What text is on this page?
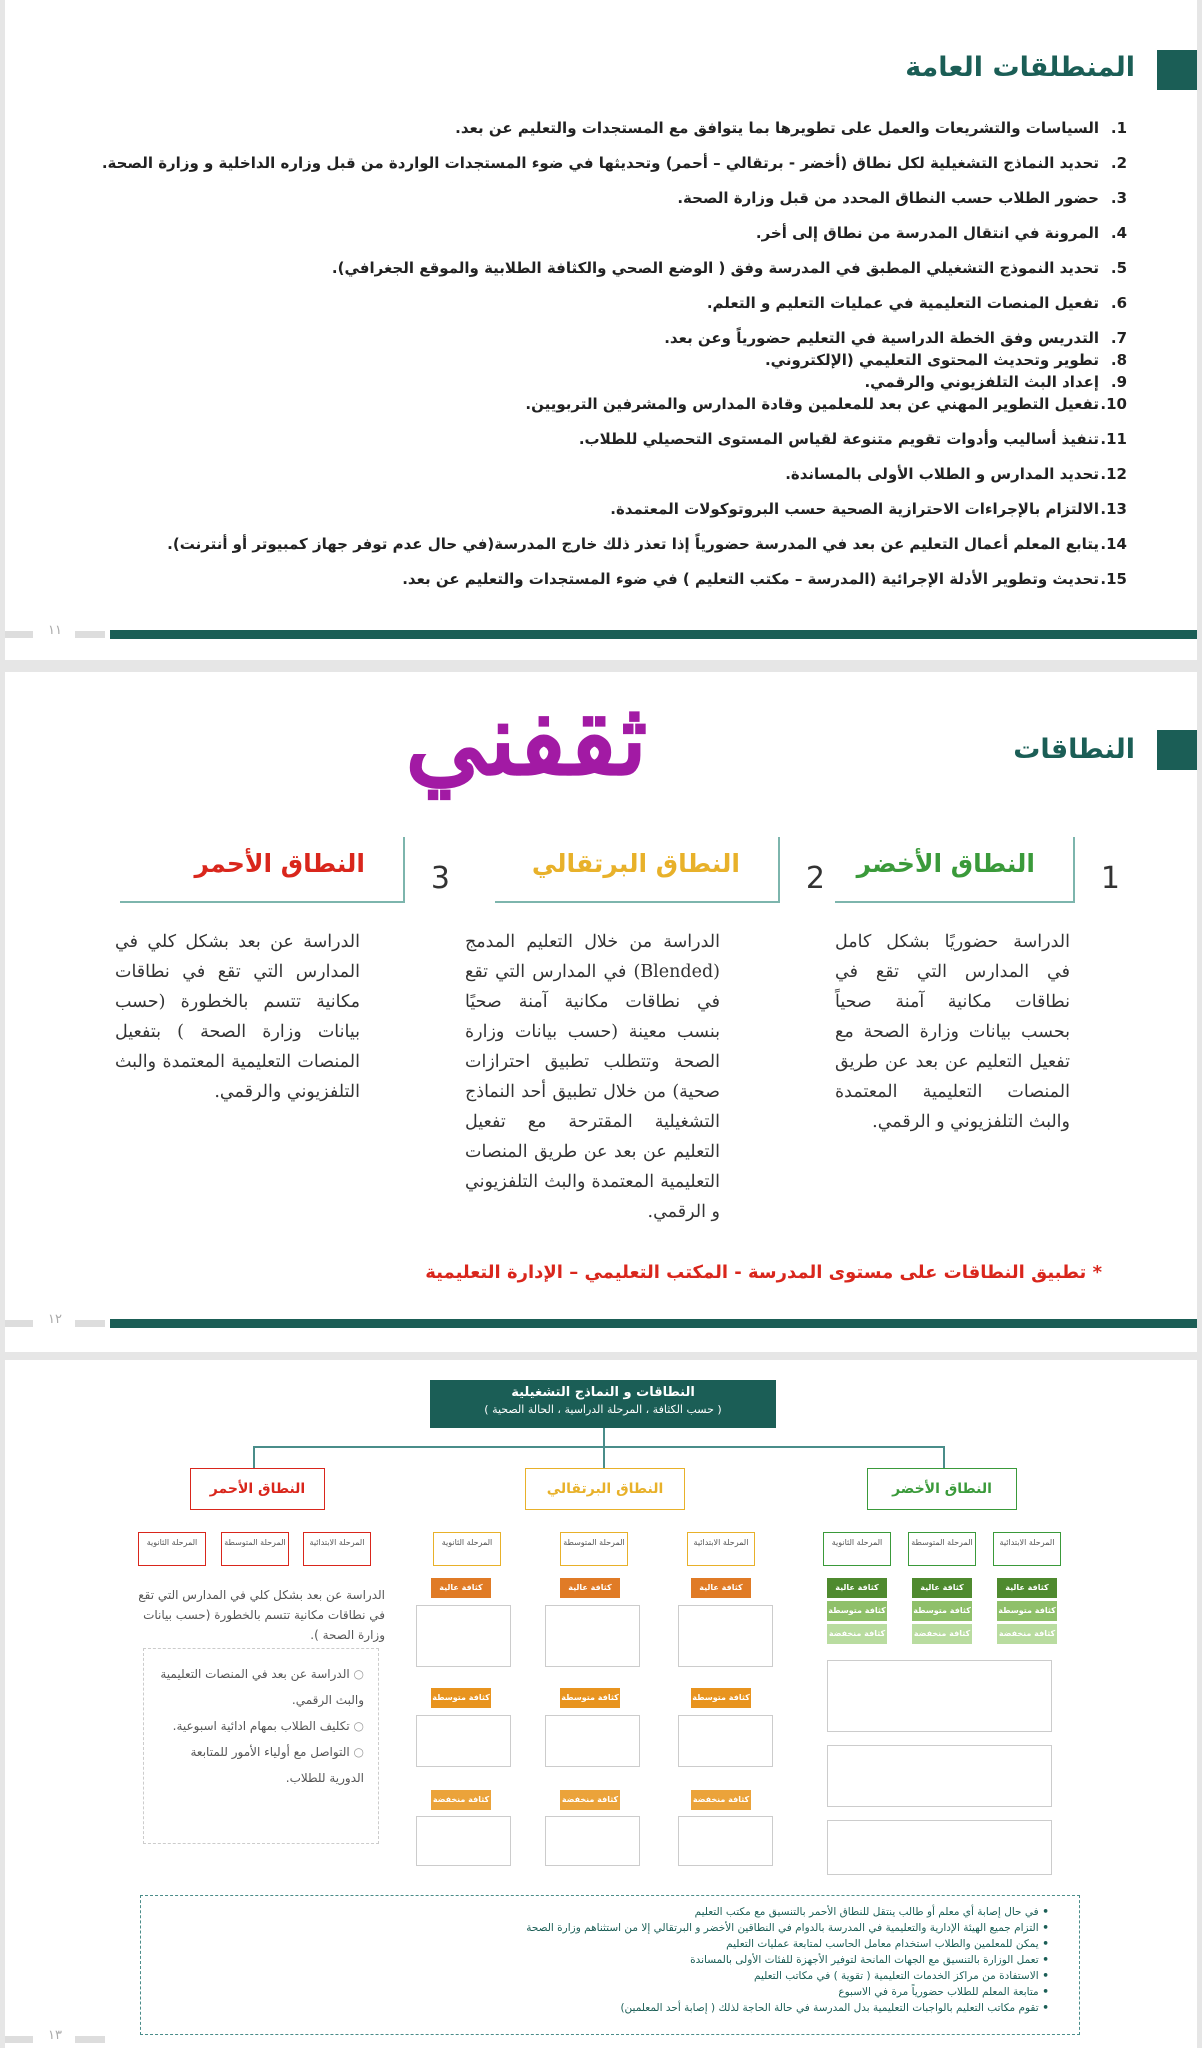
المنطلقات العامة
1.السياسات والتشريعات والعمل على تطويرها بما يتوافق مع المستجدات والتعليم عن بعد.
2.تحديد النماذج التشغيلية لكل نطاق (أخضر - برتقالي – أحمر) وتحديثها في ضوء المستجدات الواردة من قبل وزاره الداخلية و وزارة الصحة.
3.حضور الطلاب حسب النطاق المحدد من قبل وزارة الصحة.
4.المرونة في انتقال المدرسة من نطاق إلى أخر.
5.تحديد النموذج التشغيلي المطبق في المدرسة وفق ( الوضع الصحي والكثافة الطلابية والموقع الجغرافي).
6.تفعيل المنصات التعليمية في عمليات التعليم و التعلم.
7.التدريس وفق الخطة الدراسية في التعليم حضورياً وعن بعد.
8.تطوير وتحديث المحتوى التعليمي (الإلكتروني.
9.إعداد البث التلفزيوني والرقمي.
10.تفعيل التطوير المهني عن بعد للمعلمين وقادة المدارس والمشرفين التربويين.
11.تنفيذ أساليب وأدوات تقويم متنوعة لقياس المستوى التحصيلي للطلاب.
12.تحديد المدارس و الطلاب الأولى بالمساندة.
13.الالتزام بالإجراءات الاحترازية الصحية حسب البروتوكولات المعتمدة.
14.يتابع المعلم أعمال التعليم عن بعد في المدرسة حضورياً إذا تعذر ذلك خارج المدرسة(في حال عدم توفر جهاز كمبيوتر أو أنترنت).
15.تحديث وتطوير الأدلة الإجرائية (المدرسة – مكتب التعليم ) في ضوء المستجدات والتعليم عن بعد.
١١
النطاقات
ثقفني
النطاق الأخضر 1
الدراسة حضوريًا بشكل كامل في المدارس التي تقع في نطاقات مكانية آمنة صحياً بحسب بيانات وزارة الصحة مع تفعيل التعليم عن بعد عن طريق المنصات التعليمية المعتمدة والبث التلفزيوني و الرقمي.
النطاق البرتقالي 2
الدراسة من خلال التعليم المدمج (Blended) في المدارس التي تقع في نطاقات مكانية آمنة صحيًا بنسب معينة (حسب بيانات وزارة الصحة وتتطلب تطبيق احترازات صحية) من خلال تطبيق أحد النماذج التشغيلية المقترحة مع تفعيل التعليم عن بعد عن طريق المنصات التعليمية المعتمدة والبث التلفزيوني و الرقمي.
النطاق الأحمر 3
الدراسة عن بعد بشكل كلي في المدارس التي تقع في نطاقات مكانية تتسم بالخطورة (حسب بيانات وزارة الصحة ) بتفعيل المنصات التعليمية المعتمدة والبث التلفزيوني والرقمي.
* تطبيق النطاقات على مستوى المدرسة - المكتب التعليمي – الإدارة التعليمية
١٢
النطاقات و النماذج التشغيلية
( حسب الكثافة ، المرحلة الدراسية ، الحالة الصحية )
النطاق الأحمر	النطاق البرتقالي	النطاق الأخضر
المرحلة الابتدائية
المرحلة المتوسطة
المرحلة الثانوية	المرحلة الابتدائية
المرحلة المتوسطة
المرحلة الثانوية	المرحلة الابتدائية
المرحلة المتوسطة
المرحلة الثانوية
الدراسة عن بعد بشكل كلي في المدارس التي تقع في نطاقات مكانية تتسم بالخطورة (حسب بيانات وزارة الصحة ).
○ الدراسة عن بعد في المنصات التعليمية والبث الرقمي.
○ تكليف الطلاب بمهام ادائية اسبوعية.
○ التواصل مع أولياء الأمور للمتابعة الدورية للطلاب.
كثافة عالية
كثافة عالية
كثافة عالية
كثافة متوسطة
كثافة متوسطة
كثافة متوسطة
كثافة منخفضة
كثافة منخفضة
كثافة منخفضة
كثافة عالية
كثافة عالية
كثافة عالية
كثافة متوسطة
كثافة متوسطة
كثافة متوسطة
كثافة منخفضة
كثافة منخفضة
كثافة منخفضة
• في حال إصابة أي معلم أو طالب ينتقل للنطاق الأحمر بالتنسيق مع مكتب التعليم
• التزام جميع الهيئة الإدارية والتعليمية في المدرسة بالدوام في النطاقين الأخضر و البرتقالي إلا من استثناهم وزارة الصحة
• يمكن للمعلمين والطلاب استخدام معامل الحاسب لمتابعة عمليات التعليم
• تعمل الوزارة بالتنسيق مع الجهات المانحة لتوفير الأجهزة للفئات الأولى بالمساندة
• الاستفادة من مراكز الخدمات التعليمية ( تقوية ) في مكاتب التعليم
• متابعة المعلم للطلاب حضورياً مرة في الاسبوع
• تقوم مكاتب التعليم بالواجبات التعليمية بدل المدرسة في حالة الحاجة لذلك ( إصابة أحد المعلمين)
١٣
